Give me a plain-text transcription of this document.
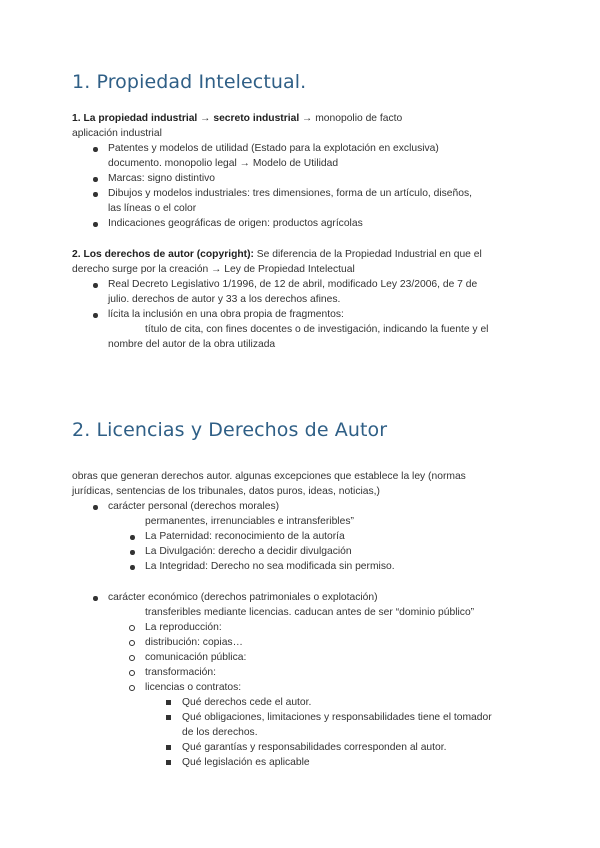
1. Propiedad Intelectual.

1. La propiedad industrial → secreto industrial → monopolio de facto

aplicación industrial

Patentes y modelos de utilidad (Estado para la explotación en exclusiva)

documento. monopolio legal → Modelo de Utilidad

Marcas: signo distintivo

Dibujos y modelos industriales: tres dimensiones, forma de un artículo, diseños,

las líneas o el color

Indicaciones geográficas de origen: productos agrícolas

2. Los derechos de autor (copyright): Se diferencia de la Propiedad Industrial en que el

derecho surge por la creación → Ley de Propiedad Intelectual

Real Decreto Legislativo 1/1996, de 12 de abril, modificado Ley 23/2006, de 7 de

julio. derechos de autor y 33 a los derechos afines.

lícita la inclusión en una obra propia de fragmentos:

título de cita, con fines docentes o de investigación, indicando la fuente y el

nombre del autor de la obra utilizada

2. Licencias y Derechos de Autor

obras que generan derechos autor. algunas excepciones que establece la ley (normas

jurídicas, sentencias de los tribunales, datos puros, ideas, noticias,)

carácter personal (derechos morales)

permanentes, irrenunciables e intransferibles”

La Paternidad: reconocimiento de la autoría

La Divulgación: derecho a decidir divulgación

La Integridad: Derecho no sea modificada sin permiso.

carácter económico (derechos patrimoniales o explotación)

transferibles mediante licencias. caducan antes de ser “dominio público”

La reproducción:

distribución: copias…

comunicación pública:

transformación:

licencias o contratos:

Qué derechos cede el autor.

Qué obligaciones, limitaciones y responsabilidades tiene el tomador

de los derechos.

Qué garantías y responsabilidades corresponden al autor.

Qué legislación es aplicable
